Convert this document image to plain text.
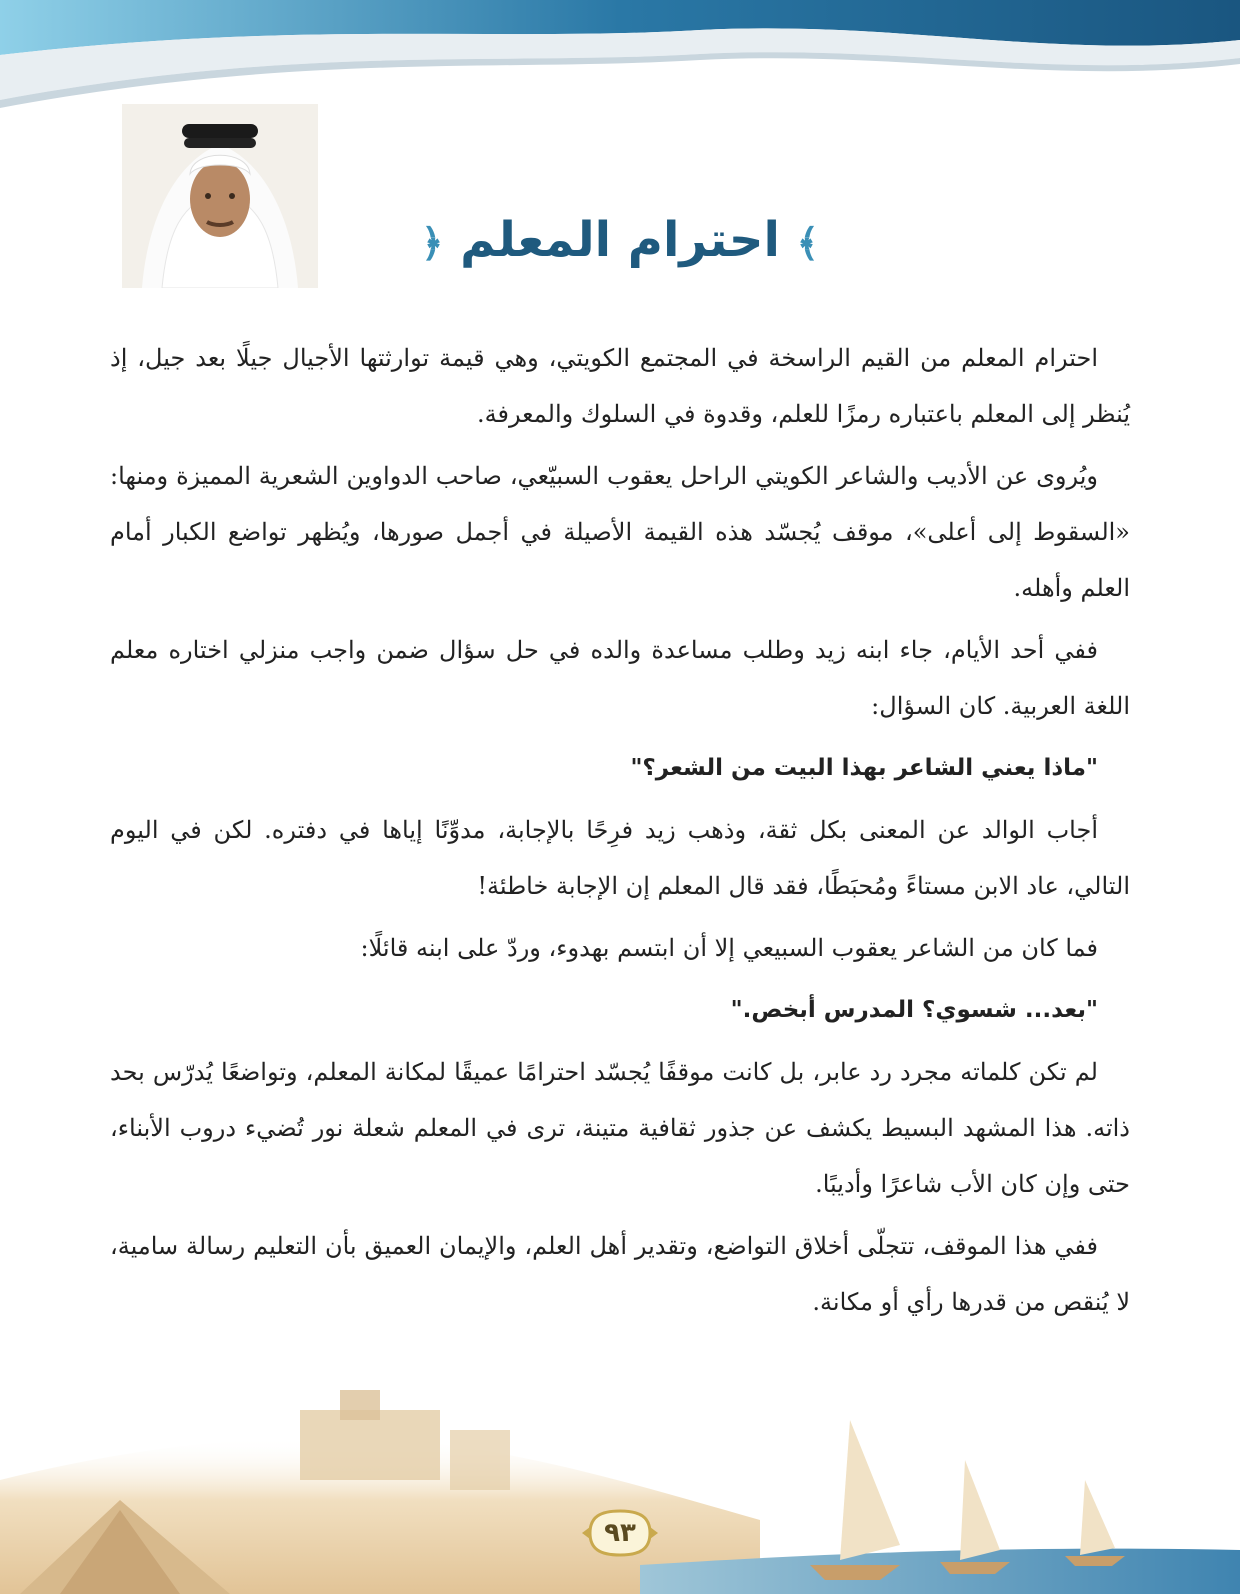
﴾ احترام المعلم ﴿

احترام المعلم من القيم الراسخة في المجتمع الكويتي، وهي قيمة توارثتها الأجيال جيلًا بعد جيل، إذ يُنظر إلى المعلم باعتباره رمزًا للعلم، وقدوة في السلوك والمعرفة.

ويُروى عن الأديب والشاعر الكويتي الراحل يعقوب السبيّعي، صاحب الدواوين الشعرية المميزة ومنها: «السقوط إلى أعلى»، موقف يُجسّد هذه القيمة الأصيلة في أجمل صورها، ويُظهر تواضع الكبار أمام العلم وأهله.

ففي أحد الأيام، جاء ابنه زيد وطلب مساعدة والده في حل سؤال ضمن واجب منزلي اختاره معلم اللغة العربية. كان السؤال:

"ماذا يعني الشاعر بهذا البيت من الشعر؟"

أجاب الوالد عن المعنى بكل ثقة، وذهب زيد فرِحًا بالإجابة، مدوِّنًا إياها في دفتره. لكن في اليوم التالي، عاد الابن مستاءً ومُحبَطًا، فقد قال المعلم إن الإجابة خاطئة!

فما كان من الشاعر يعقوب السبيعي إلا أن ابتسم بهدوء، وردّ على ابنه قائلًا:

"بعد... شسوي؟ المدرس أبخص."

لم تكن كلماته مجرد رد عابر، بل كانت موقفًا يُجسّد احترامًا عميقًا لمكانة المعلم، وتواضعًا يُدرّس بحد ذاته. هذا المشهد البسيط يكشف عن جذور ثقافية متينة، ترى في المعلم شعلة نور تُضيء دروب الأبناء، حتى وإن كان الأب شاعرًا وأديبًا.

ففي هذا الموقف، تتجلّى أخلاق التواضع، وتقدير أهل العلم، والإيمان العميق بأن التعليم رسالة سامية، لا يُنقص من قدرها رأي أو مكانة.

٩٣
